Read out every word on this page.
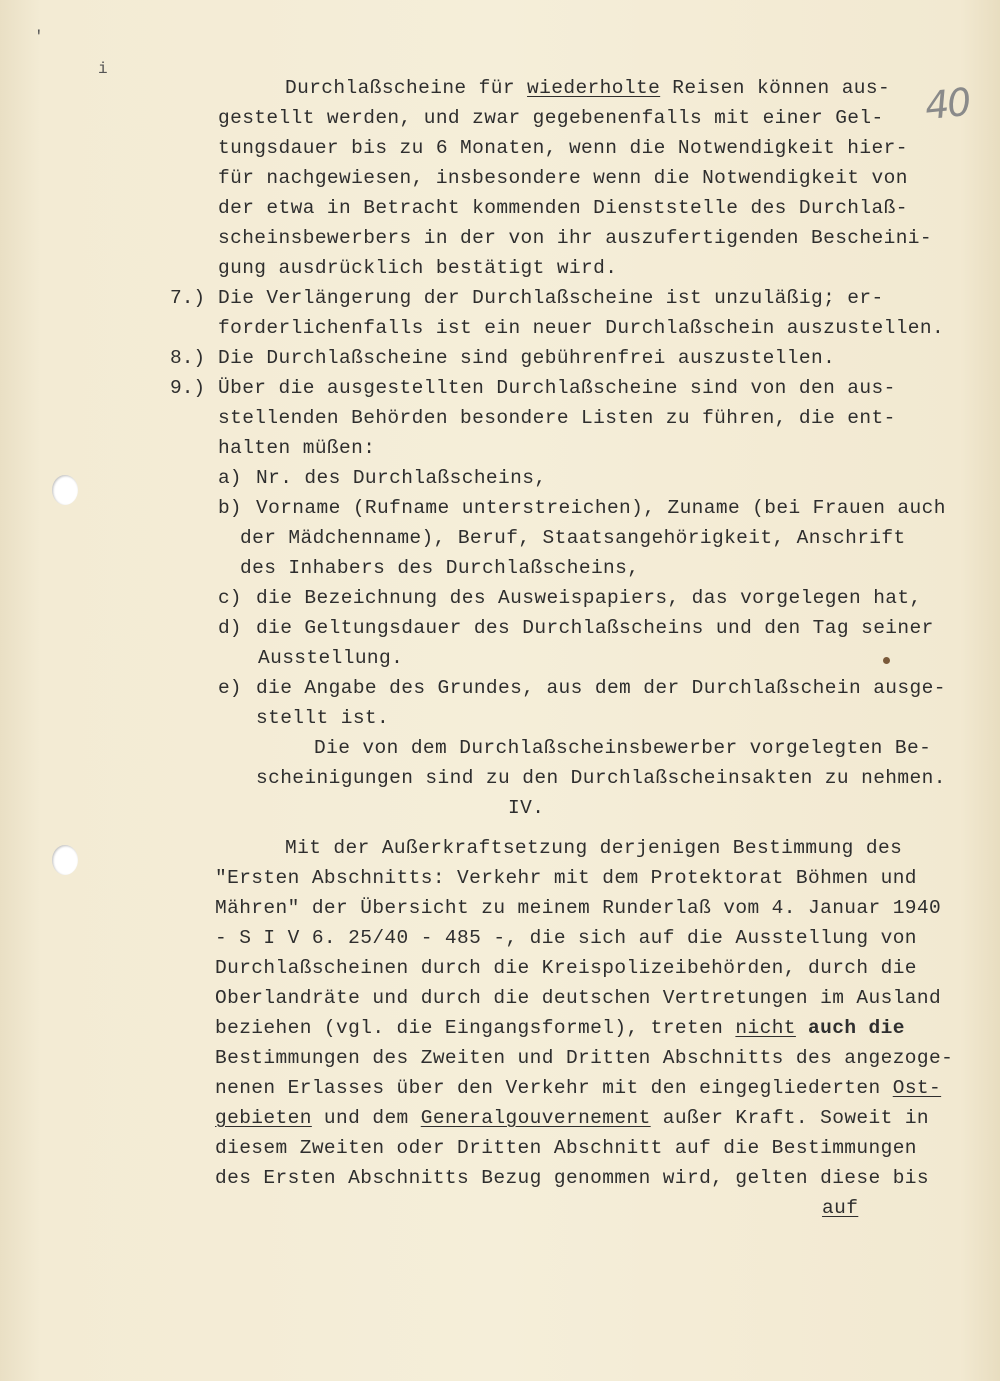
'
i
40
Durchlaßscheine für wiederholte Reisen können aus-
gestellt werden, und zwar gegebenenfalls mit einer Gel-
tungsdauer bis zu 6 Monaten, wenn die Notwendigkeit hier-
für nachgewiesen, insbesondere wenn die Notwendigkeit von
der etwa in Betracht kommenden Dienststelle des Durchlaß-
scheinsbewerbers in der von ihr auszufertigenden Bescheini-
gung ausdrücklich bestätigt wird.
7.) Die Verlängerung der Durchlaßscheine ist unzuläßig; er-
forderlichenfalls ist ein neuer Durchlaßschein auszustellen.
8.) Die Durchlaßscheine sind gebührenfrei auszustellen.
9.) Über die ausgestellten Durchlaßscheine sind von den aus-
stellenden Behörden besondere Listen zu führen, die ent-
halten müßen:
a) Nr. des Durchlaßscheins,
b) Vorname (Rufname unterstreichen), Zuname (bei Frauen auch
der Mädchenname), Beruf, Staatsangehörigkeit, Anschrift
des Inhabers des Durchlaßscheins,
c) die Bezeichnung des Ausweispapiers, das vorgelegen hat,
d) die Geltungsdauer des Durchlaßscheins und den Tag seiner
Ausstellung.
e) die Angabe des Grundes, aus dem der Durchlaßschein ausge-
stellt ist.
Die von dem Durchlaßscheinsbewerber vorgelegten Be-
scheinigungen sind zu den Durchlaßscheinsakten zu nehmen.
IV.
Mit der Außerkraftsetzung derjenigen Bestimmung des
"Ersten Abschnitts: Verkehr mit dem Protektorat Böhmen und
Mähren" der Übersicht zu meinem Runderlaß vom 4. Januar 1940
- S I V 6. 25/40 - 485 -, die sich auf die Ausstellung von
Durchlaßscheinen durch die Kreispolizeibehörden, durch die
Oberlandräte und durch die deutschen Vertretungen im Ausland
beziehen (vgl. die Eingangsformel), treten nicht auch die
Bestimmungen des Zweiten und Dritten Abschnitts des angezoge-
nenen Erlasses über den Verkehr mit den eingegliederten Ost-
gebieten und dem Generalgouvernement außer Kraft. Soweit in
diesem Zweiten oder Dritten Abschnitt auf die Bestimmungen
des Ersten Abschnitts Bezug genommen wird, gelten diese bis
auf
